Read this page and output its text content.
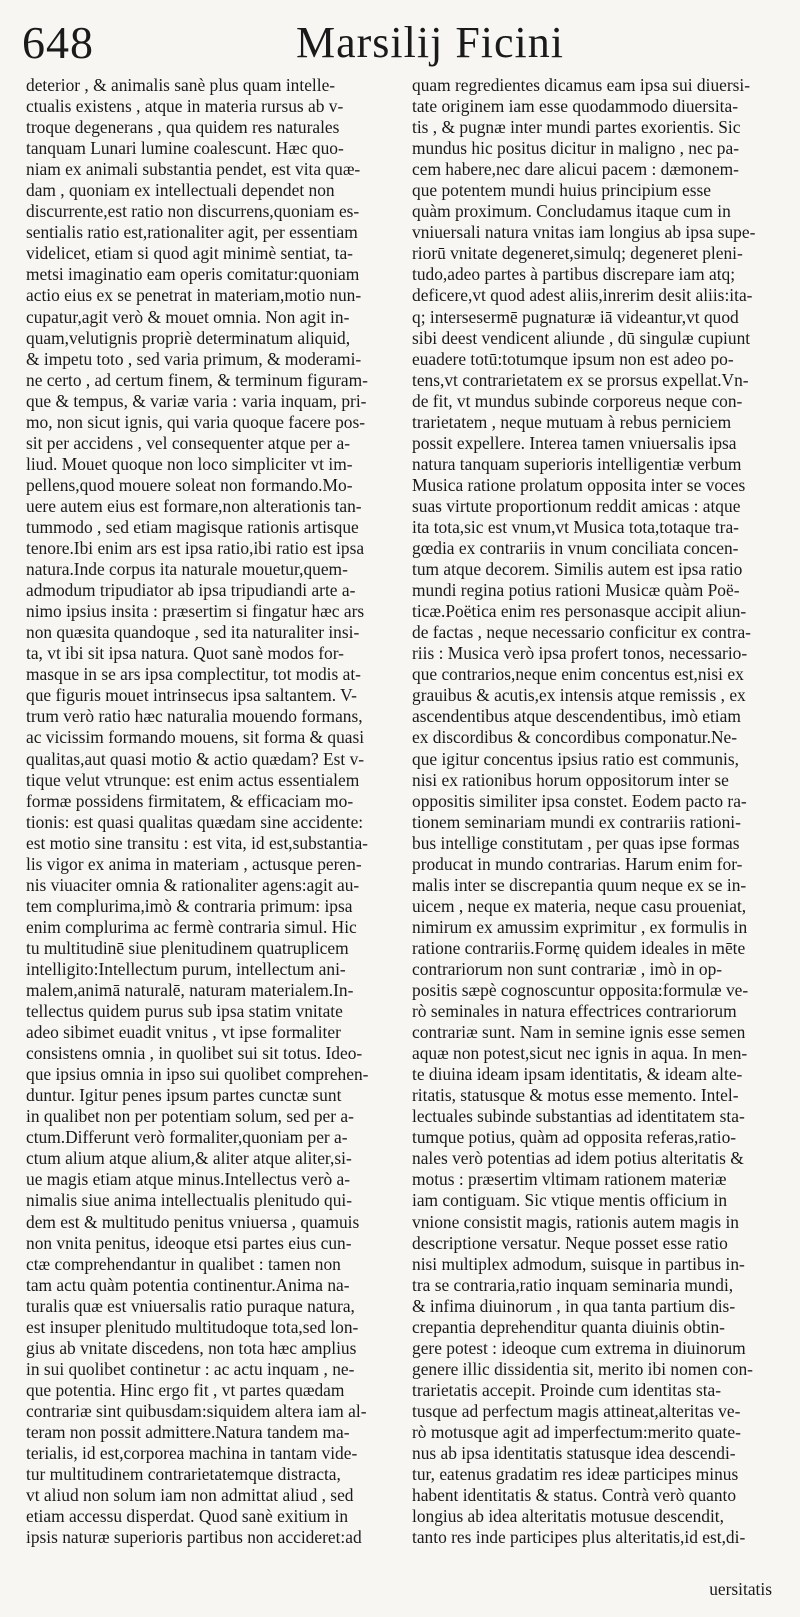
648	Marsilij Ficini
deterior , & animalis sanè plus quam intelle-
ctualis existens , atque in materia rursus ab v-
troque degenerans , qua quidem res naturales
tanquam Lunari lumine coalescunt. Hæc quo-
niam ex animali substantia pendet, est vita quæ-
dam , quoniam ex intellectuali dependet non
discurrente,est ratio non discurrens,quoniam es-
sentialis ratio est,rationaliter agit, per essentiam
videlicet, etiam si quod agit minimè sentiat, ta-
metsi imaginatio eam operis comitatur:quoniam
actio eius ex se penetrat in materiam,motio nun-
cupatur,agit verò & mouet omnia. Non agit in-
quam,velutignis propriè determinatum aliquid,
& impetu toto , sed varia primum, & moderami-
ne certo , ad certum finem, & terminum figuram-
que & tempus, & variæ varia : varia inquam, pri-
mo, non sicut ignis, qui varia quoque facere pos-
sit per accidens , vel consequenter atque per a-
liud. Mouet quoque non loco simpliciter vt im-
pellens,quod mouere soleat non formando.Mo-
uere autem eius est formare,non alterationis tan-
tummodo , sed etiam magisque rationis artisque
tenore.Ibi enim ars est ipsa ratio,ibi ratio est ipsa
natura.Inde corpus ita naturale mouetur,quem-
admodum tripudiator ab ipsa tripudiandi arte a-
nimo ipsius insita : præsertim si fingatur hæc ars
non quæsita quandoque , sed ita naturaliter insi-
ta, vt ibi sit ipsa natura. Quot sanè modos for-
masque in se ars ipsa complectitur, tot modis at-
que figuris mouet intrinsecus ipsa saltantem. V-
trum verò ratio hæc naturalia mouendo formans,
ac vicissim formando mouens, sit forma & quasi
qualitas,aut quasi motio & actio quædam? Est v-
tique velut vtrunque: est enim actus essentialem
formæ possidens firmitatem, & efficaciam mo-
tionis: est quasi qualitas quædam sine accidente:
est motio sine transitu : est vita, id est,substantia-
lis vigor ex anima in materiam , actusque peren-
nis viuaciter omnia & rationaliter agens:agit au-
tem complurima,imò & contraria primum: ipsa
enim complurima ac fermè contraria simul. Hic
tu multitudinē siue plenitudinem quatruplicem
intelligito:Intellectum purum, intellectum ani-
malem,animā naturalē, naturam materialem.In-
tellectus quidem purus sub ipsa statim vnitate
adeo sibimet euadit vnitus , vt ipse formaliter
consistens omnia , in quolibet sui sit totus. Ideo-
que ipsius omnia in ipso sui quolibet comprehen-
duntur. Igitur penes ipsum partes cunctæ sunt
in qualibet non per potentiam solum, sed per a-
ctum.Differunt verò formaliter,quoniam per a-
ctum alium atque alium,& aliter atque aliter,si-
ue magis etiam atque minus.Intellectus verò a-
nimalis siue anima intellectualis plenitudo qui-
dem est & multitudo penitus vniuersa , quamuis
non vnita penitus, ideoque etsi partes eius cun-
ctæ comprehendantur in qualibet : tamen non
tam actu quàm potentia continentur.Anima na-
turalis quæ est vniuersalis ratio puraque natura,
est insuper plenitudo multitudoque tota,sed lon-
gius ab vnitate discedens, non tota hæc amplius
in sui quolibet continetur : ac actu inquam , ne-
que potentia. Hinc ergo fit , vt partes quædam
contrariæ sint quibusdam:siquidem altera iam al-
teram non possit admittere.Natura tandem ma-
terialis, id est,corporea machina in tantam vide-
tur multitudinem contrarietatemque distracta,
vt aliud non solum iam non admittat aliud , sed
etiam accessu disperdat. Quod sanè exitium in
ipsis naturæ superioris partibus non accideret:ad
quam regredientes dicamus eam ipsa sui diuersi-
tate originem iam esse quodammodo diuersita-
tis , & pugnæ inter mundi partes exorientis. Sic
mundus hic positus dicitur in maligno , nec pa-
cem habere,nec dare alicui pacem : dæmonem-
que potentem mundi huius principium esse
quàm proximum. Concludamus itaque cum in
vniuersali natura vnitas iam longius ab ipsa supe-
riorū vnitate degeneret,simulq; degeneret pleni-
tudo,adeo partes à partibus discrepare iam atq;
deficere,vt quod adest aliis,inrerim desit aliis:ita-
q; intersesermē pugnaturæ iā videantur,vt quod
sibi deest vendicent aliunde , dū singulæ cupiunt
euadere totū:totumque ipsum non est adeo po-
tens,vt contrarietatem ex se prorsus expellat.Vn-
de fit, vt mundus subinde corporeus neque con-
trarietatem , neque mutuam à rebus perniciem
possit expellere. Interea tamen vniuersalis ipsa
natura tanquam superioris intelligentiæ verbum
Musica ratione prolatum opposita inter se voces
suas virtute proportionum reddit amicas : atque
ita tota,sic est vnum,vt Musica tota,totaque tra-
gœdia ex contrariis in vnum conciliata concen-
tum atque decorem. Similis autem est ipsa ratio
mundi regina potius rationi Musicæ quàm Poë-
ticæ.Poëtica enim res personasque accipit aliun-
de factas , neque necessario conficitur ex contra-
riis : Musica verò ipsa profert tonos, necessario-
que contrarios,neque enim concentus est,nisi ex
grauibus & acutis,ex intensis atque remissis , ex
ascendentibus atque descendentibus, imò etiam
ex discordibus & concordibus componatur.Ne-
que igitur concentus ipsius ratio est communis,
nisi ex rationibus horum oppositorum inter se
oppositis similiter ipsa constet. Eodem pacto ra-
tionem seminariam mundi ex contrariis rationi-
bus intellige constitutam , per quas ipse formas
producat in mundo contrarias. Harum enim for-
malis inter se discrepantia quum neque ex se in-
uicem , neque ex materia, neque casu proueniat,
nimirum ex amussim exprimitur , ex formulis in
ratione contrariis.Formę quidem ideales in mēte
contrariorum non sunt contrariæ , imò in op-
positis sæpè cognoscuntur opposita:formulæ ve-
rò seminales in natura effectrices contrariorum
contrariæ sunt. Nam in semine ignis esse semen
aquæ non potest,sicut nec ignis in aqua. In men-
te diuina ideam ipsam identitatis, & ideam alte-
ritatis, statusque & motus esse memento. Intel-
lectuales subinde substantias ad identitatem sta-
tumque potius, quàm ad opposita referas,ratio-
nales verò potentias ad idem potius alteritatis &
motus : præsertim vltimam rationem materiæ
iam contiguam. Sic vtique mentis officium in
vnione consistit magis, rationis autem magis in
descriptione versatur. Neque posset esse ratio
nisi multiplex admodum, suisque in partibus in-
tra se contraria,ratio inquam seminaria mundi,
& infima diuinorum , in qua tanta partium dis-
crepantia deprehenditur quanta diuinis obtin-
gere potest : ideoque cum extrema in diuinorum
genere illic dissidentia sit, merito ibi nomen con-
trarietatis accepit. Proinde cum identitas sta-
tusque ad perfectum magis attineat,alteritas ve-
rò motusque agit ad imperfectum:merito quate-
nus ab ipsa identitatis statusque idea descendi-
tur, eatenus gradatim res ideæ participes minus
habent identitatis & status. Contrà verò quanto
longius ab idea alteritatis motusue descendit,
tanto res inde participes plus alteritatis,id est,di-
uersitatis
